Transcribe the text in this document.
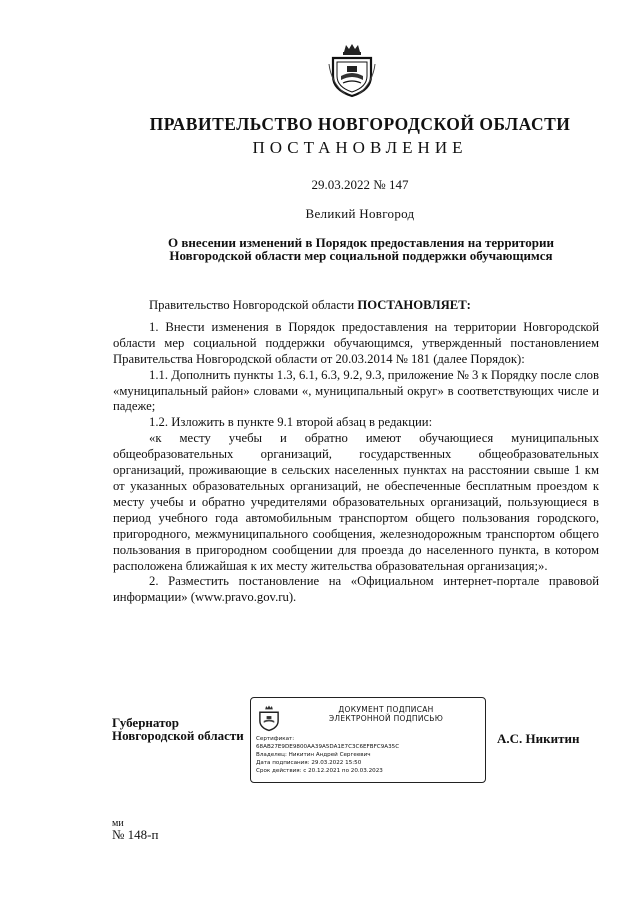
ПРАВИТЕЛЬСТВО НОВГОРОДСКОЙ ОБЛАСТИ
ПОСТАНОВЛЕНИЕ
29.03.2022 № 147
Великий Новгород
О внесении изменений в Порядок предоставления на территории
Новгородской области мер социальной поддержки обучающимся

Правительство Новгородской области ПОСТАНОВЛЯЕТ:

1. Внести изменения в Порядок предоставления на территории Новгородской области мер социальной поддержки обучающимся, утвержденный постановлением Правительства Новгородской области от 20.03.2014 № 181 (далее Порядок):

1.1. Дополнить пункты 1.3, 6.1, 6.3, 9.2, 9.3, приложение № 3 к Порядку после слов «муниципальный район» словами «, муниципальный округ» в соответствующих числе и падеже;

1.2. Изложить в пункте 9.1 второй абзац в редакции:

«к месту учебы и обратно имеют обучающиеся муниципальных общеобразовательных организаций, государственных общеобразовательных организаций, проживающие в сельских населенных пунктах на расстоянии свыше 1 км от указанных образовательных организаций, не обеспеченные бесплатным проездом к месту учебы и обратно учредителями образовательных организаций, пользующиеся в период учебного года автомобильным транспортом общего пользования городского, пригородного, межмуниципального сообщения, железнодорожным транспортом общего пользования в пригородном сообщении для проезда до населенного пункта, в котором расположена ближайшая к их месту жительства образовательная организация;».

2. Разместить постановление на «Официальном интернет-портале правовой информации» (www.pravo.gov.ru).

Губернатор
Новгородской области
ДОКУМЕНТ ПОДПИСАН
ЭЛЕКТРОННОЙ ПОДПИСЬЮ
Сертификат:
68AB27E9DE9800AA39A5DA1E7C3C6EFBFC9A35C
Владелец: Никитин Андрей Сергеевич
Дата подписания: 29.03.2022 15:50
Срок действия: с 20.12.2021 по 20.03.2023
А.С. Никитин
ми
№ 148-п
